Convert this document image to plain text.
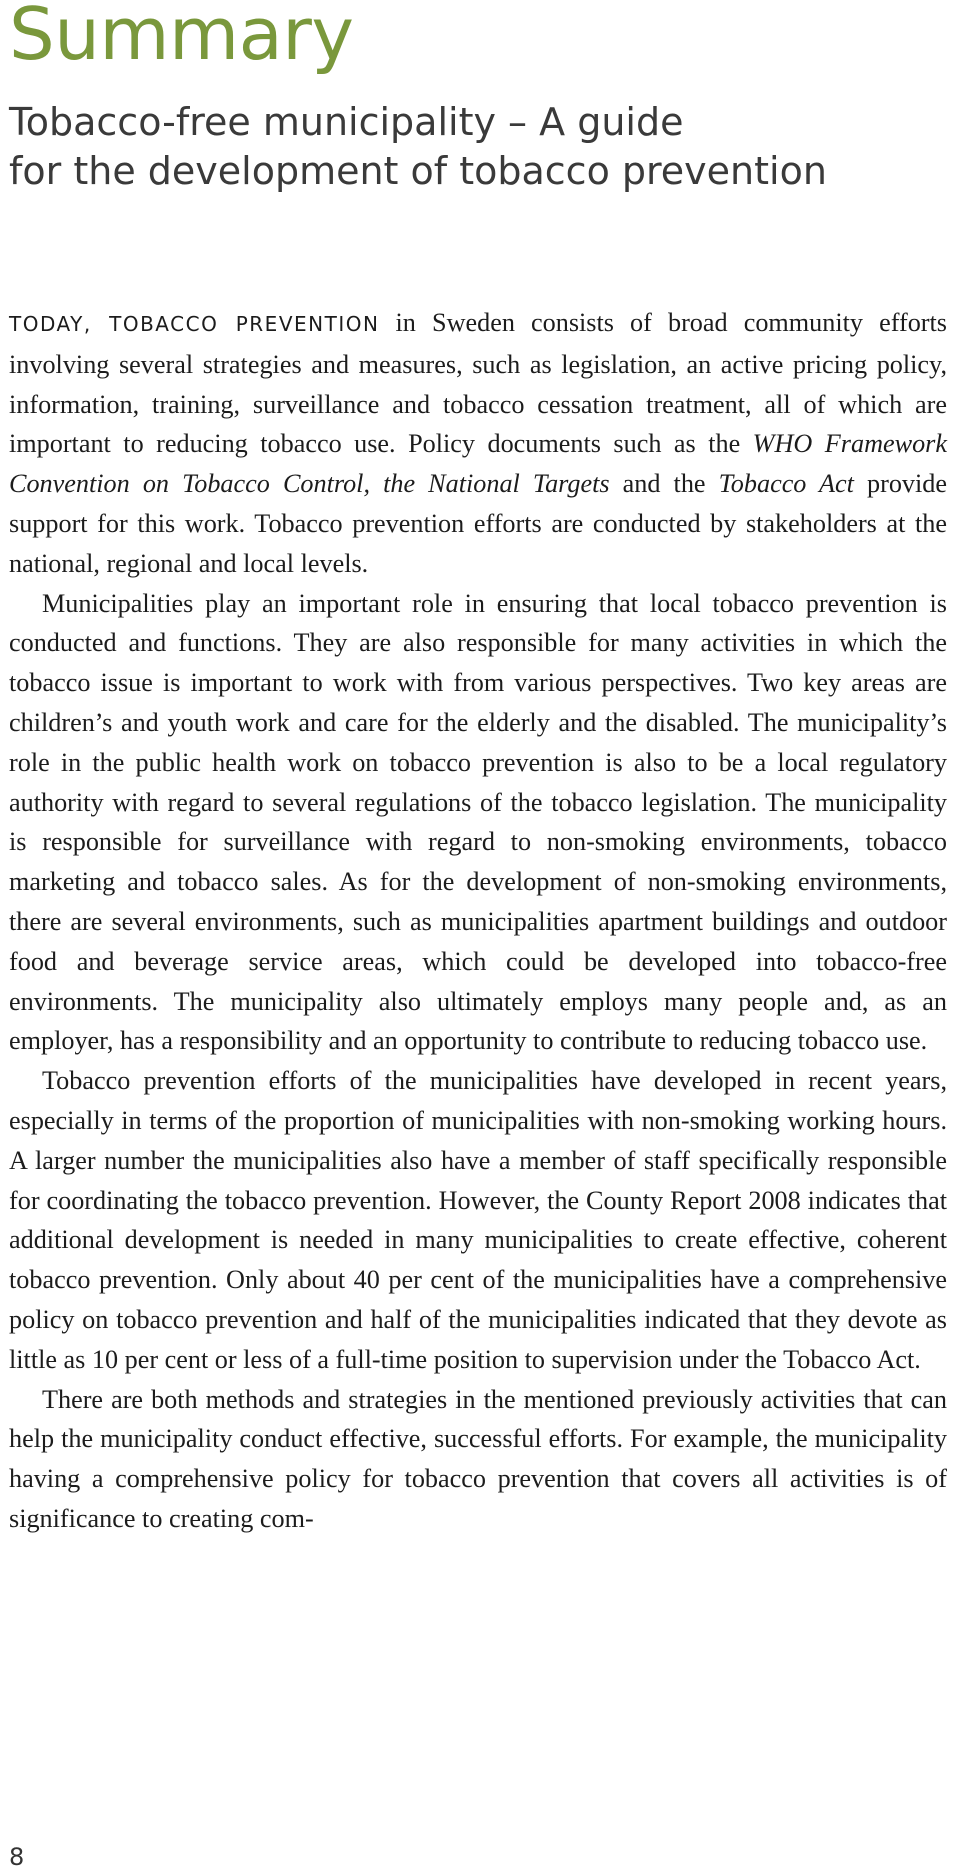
Summary
Tobacco-free municipality – A guide
for the development of tobacco prevention

TODAY, TOBACCO PREVENTION in Sweden consists of broad community efforts involving several strategies and measures, such as legislation, an active pricing policy, information, training, surveillance and tobacco cessation treatment, all of which are important to reducing tobacco use. Policy documents such as the WHO Framework Convention on Tobacco Control, the National Targets and the Tobacco Act provide support for this work. Tobacco prevention efforts are conducted by stakeholders at the national, regional and local levels.

Municipalities play an important role in ensuring that local tobacco prevention is conducted and functions. They are also responsible for many activities in which the tobacco issue is important to work with from various perspectives. Two key areas are children’s and youth work and care for the elderly and the disabled. The municipality’s role in the public health work on tobacco prevention is also to be a local regulatory authority with regard to several regulations of the tobacco legislation. The municipality is responsible for surveillance with regard to non-smoking environments, tobacco marketing and tobacco sales. As for the development of non-smoking environments, there are several environments, such as municipalities apartment buildings and outdoor food and beverage service areas, which could be developed into tobacco-free environments. The municipality also ultimately employs many people and, as an employer, has a responsibility and an opportunity to contribute to reducing tobacco use.

Tobacco prevention efforts of the municipalities have developed in recent years, especially in terms of the proportion of municipalities with non-smoking working hours. A larger number the municipalities also have a member of staff specifically responsible for coordinating the tobacco prevention. However, the County Report 2008 indicates that additional development is needed in many municipalities to create effective, coherent tobacco prevention. Only about 40 per cent of the municipalities have a comprehensive policy on tobacco prevention and half of the municipalities indicated that they devote as little as 10 per cent or less of a full-time position to supervision under the Tobacco Act.

There are both methods and strategies in the mentioned previously activities that can help the municipality conduct effective, successful efforts. For example, the municipality having a comprehensive policy for tobacco prevention that covers all activities is of significance to creating com-

8
